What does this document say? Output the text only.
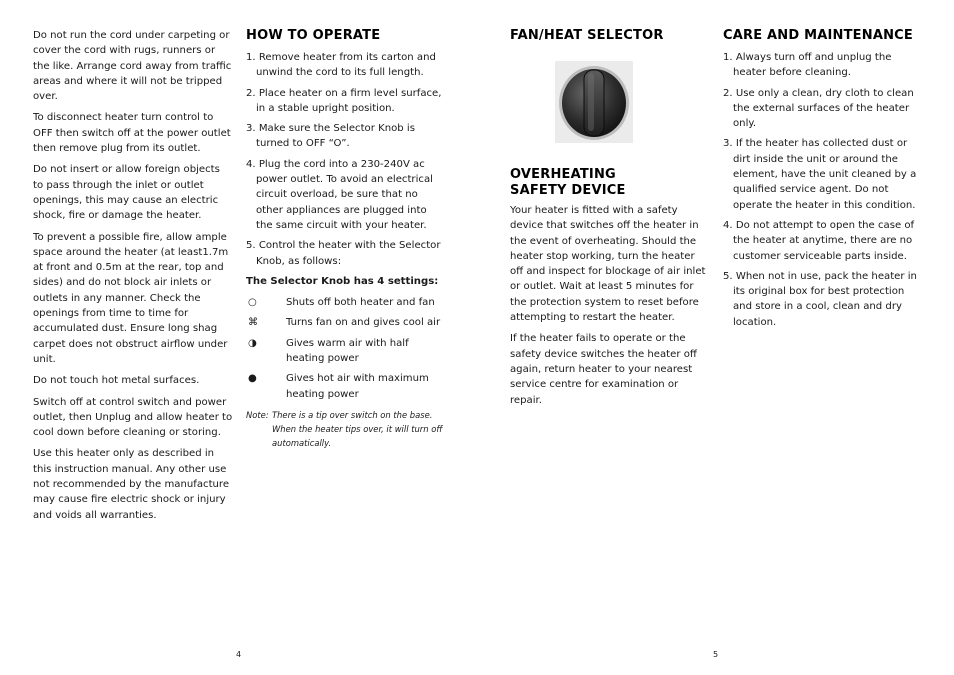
Do not run the cord under carpeting or cover the cord with rugs, runners or the like. Arrange cord away from traffic areas and where it will not be tripped over.

To disconnect heater turn control to OFF then switch off at the power outlet then remove plug from its outlet.

Do not insert or allow foreign objects to pass through the inlet or outlet openings, this may cause an electric shock, fire or damage the heater.

To prevent a possible fire, allow ample space around the heater (at least1.7m at front and 0.5m at the rear, top and sides) and do not block air inlets or outlets in any manner. Check the openings from time to time for accumulated dust. Ensure long shag carpet does not obstruct airflow under unit.

Do not touch hot metal surfaces.

Switch off at control switch and power outlet, then Unplug and allow heater to cool down before cleaning or storing.

Use this heater only as described in this instruction manual. Any other use not recommended by the manufacture may cause fire electric shock or injury and voids all warranties.

HOW TO OPERATE
1. Remove heater from its carton and unwind the cord to its full length.
2. Place heater on a firm level surface, in a stable upright position.
3. Make sure the Selector Knob is turned to OFF “O”.
4. Plug the cord into a 230-240V ac power outlet. To avoid an electrical circuit overload, be sure that no other appliances are plugged into the same circuit with your heater.
5. Control the heater with the Selector Knob, as follows:
The Selector Knob has 4 settings:
○	Shuts off both heater and fan
⌘	Turns fan on and gives cool air
◑	Gives warm air with half heating power
●	Gives hot air with maximum heating power
Note: There is a tip over switch on the base. When the heater tips over, it will turn off automatically.
FAN/HEAT SELECTOR
OVERHEATING
SAFETY DEVICE

Your heater is fitted with a safety device that switches off the heater in the event of overheating. Should the heater stop working, turn the heater off and inspect for blockage of air inlet or outlet. Wait at least 5 minutes for the protection system to reset before attempting to restart the heater.

If the heater fails to operate or the safety device switches the heater off again, return heater to your nearest service centre for examination or repair.

CARE AND MAINTENANCE
1. Always turn off and unplug the heater before cleaning.
2. Use only a clean, dry cloth to clean the external surfaces of the heater only.
3. If the heater has collected dust or dirt inside the unit or around the element, have the unit cleaned by a qualified service agent. Do not operate the heater in this condition.
4. Do not attempt to open the case of the heater at anytime, there are no customer serviceable parts inside.
5. When not in use, pack the heater in its original box for best protection and store in a cool, clean and dry location.
4	5
